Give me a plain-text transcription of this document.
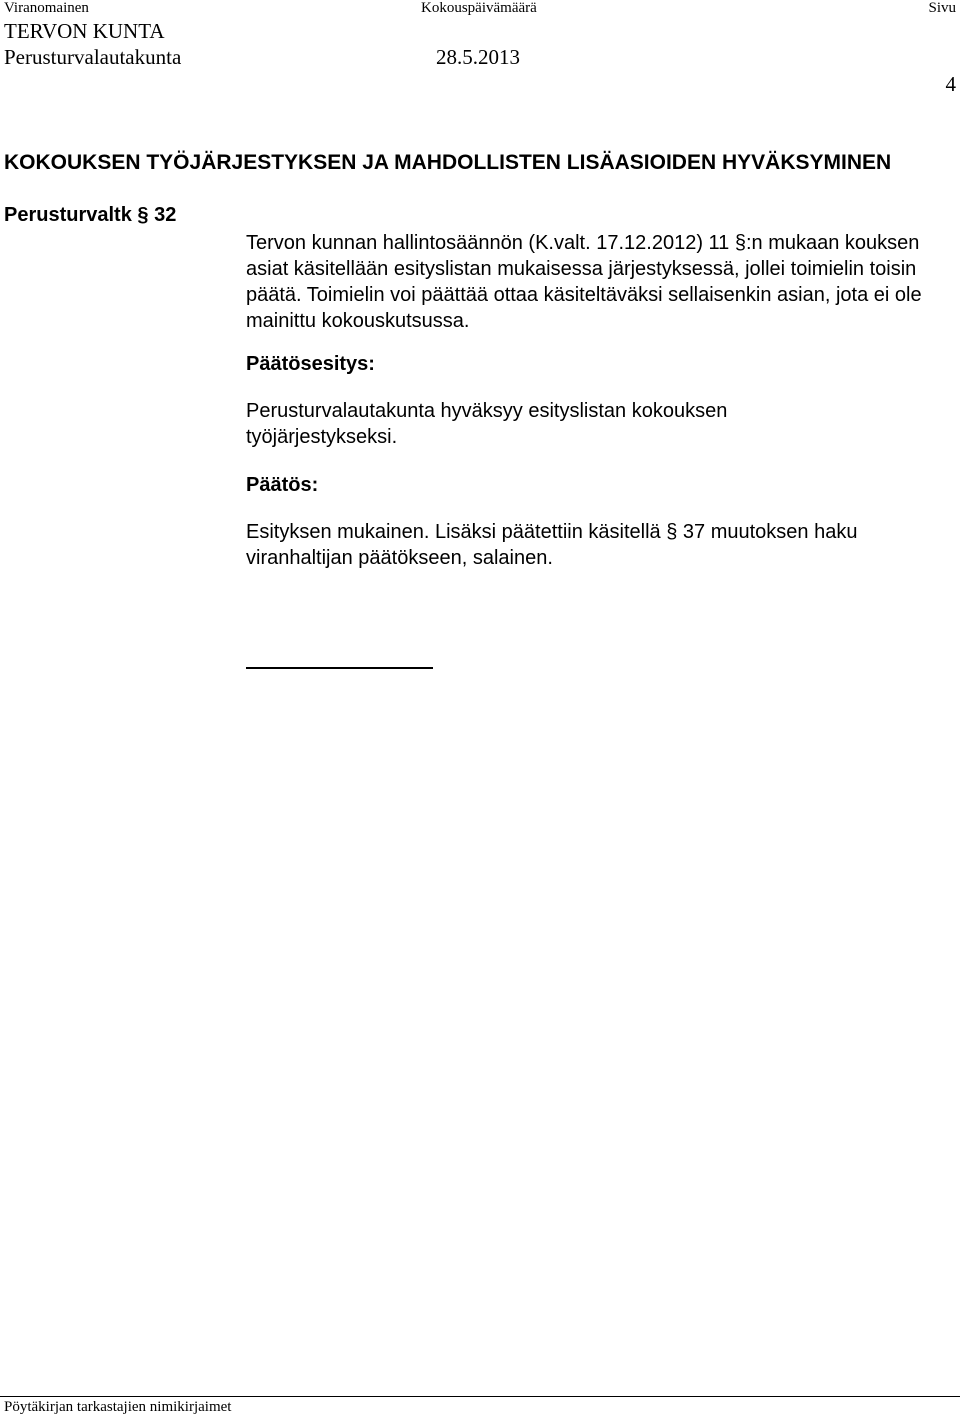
Viranomainen	Kokouspäivämäärä	Sivu
TERVON KUNTA
Perusturvalautakunta	28.5.2013
4
KOKOUKSEN TYÖJÄRJESTYKSEN JA MAHDOLLISTEN LISÄASIOIDEN HYVÄKSYMINEN
Perusturvaltk § 32

Tervon kunnan hallintosäännön (K.valt. 17.12.2012) 11 §:n mukaan kouksen asiat käsitellään esityslistan mukaisessa järjestyksessä, jollei toimielin toisin päätä. Toimielin voi päättää ottaa käsiteltäväksi sellaisenkin asian, jota ei ole mainittu kokouskutsussa.

Päätösesitys:

Perusturvalautakunta hyväksyy esityslistan kokouksen työjärjestykseksi.

Päätös:

Esityksen mukainen. Lisäksi päätettiin käsitellä § 37 muutoksen haku viranhaltijan päätökseen, salainen.

Pöytäkirjan tarkastajien nimikirjaimet
